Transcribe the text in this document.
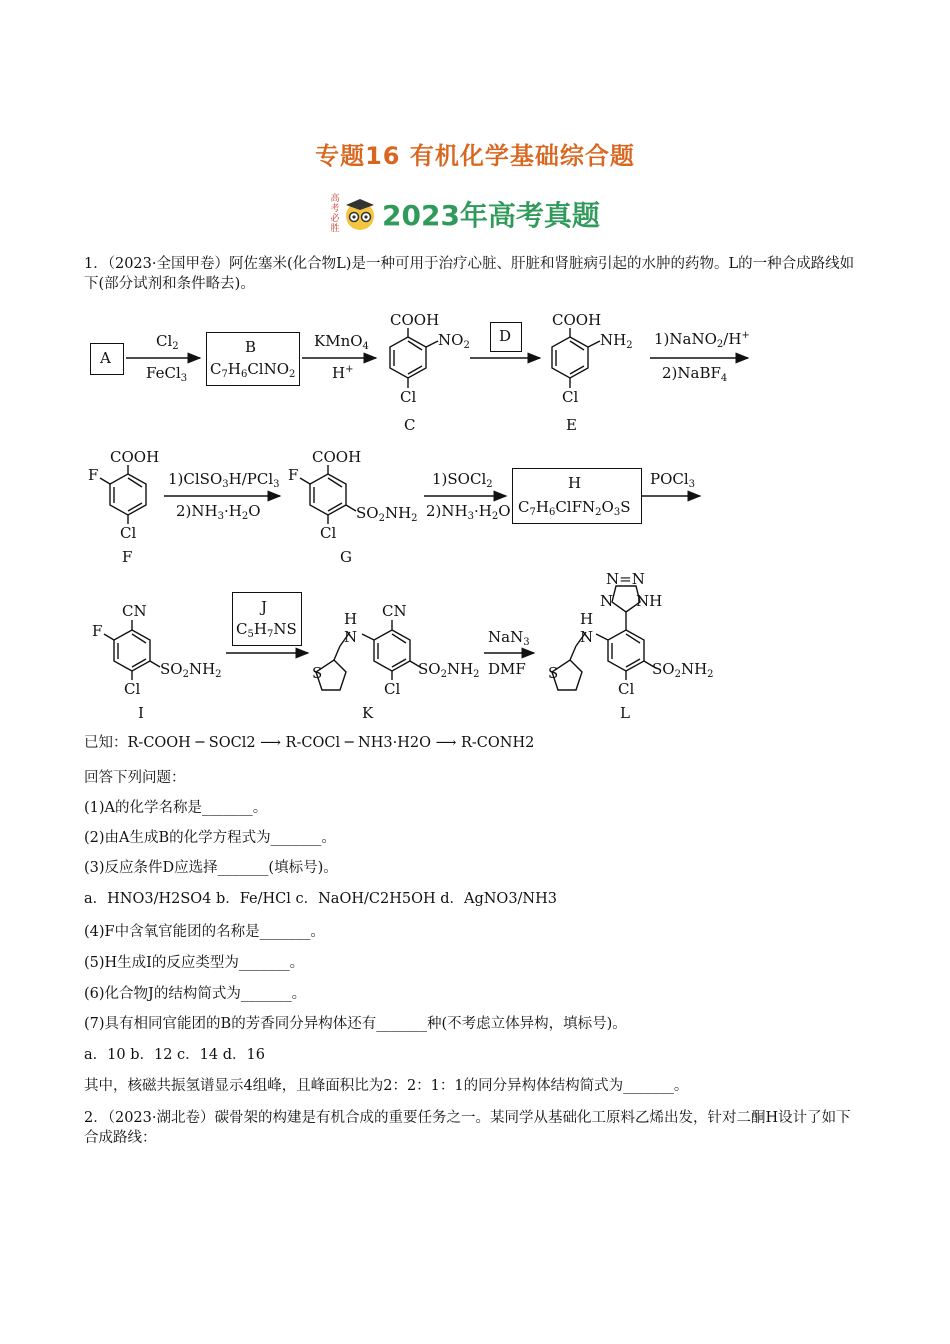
专题16 有机化学基础综合题
高考必胜 2023年高考真题
1．（2023·全国甲卷）阿佐塞米(化合物L)是一种可用于治疗心脏、肝脏和肾脏病引起的水肿的药物。L的一种合成路线如下(部分试剂和条件略去)。
A
$Cl_2$
FeCl$_3$
B
$C_7H_6ClNO_2$
KMnO$_4$
H+
COOH
$NO_2$
Cl
C
D
COOH
$NH_2$
Cl
E
1)NaNO$_2$/H+
2)NaBF$_4$
COOH
F
Cl
F
1)ClSO$_3$H/PCl$_3$
$2)NH_3\cdot H_2O$
COOH
F
Cl
$SO_2NH_2$
G
1)SOCl$_2$
$2)NH_3\cdot H_2O$
H
$C_7H_6ClFN_2O_3S$
POCl$_3$
CN
F
Cl
$SO_2NH_2$
I
J
$C_5H_7NS$
H
N
CN
S
Cl
$SO_2NH_2$
K
NaN$_3$
DMF
N=N
N NH
H
N
S
Cl
$SO_2NH_2$
L
已知：R-COOH ─ SOCl2 ⟶ R-COCl ─ NH3·H2O ⟶ R-CONH2
回答下列问题：
(1)A的化学名称是_______。
(2)由A生成B的化学方程式为_______。
(3)反应条件D应选择_______(填标号)。
a．HNO3/H2SO4 b．Fe/HCl c．NaOH/C2H5OH d．AgNO3/NH3
(4)F中含氧官能团的名称是_______。
(5)H生成I的反应类型为_______。
(6)化合物J的结构简式为_______。
(7)具有相同官能团的B的芳香同分异构体还有_______种(不考虑立体异构，填标号)。
a．10 b．12 c．14 d．16
其中，核磁共振氢谱显示4组峰，且峰面积比为2：2：1：1的同分异构体结构简式为_______。
2．（2023·湖北卷）碳骨架的构建是有机合成的重要任务之一。某同学从基础化工原料乙烯出发，针对二酮H设计了如下合成路线：
